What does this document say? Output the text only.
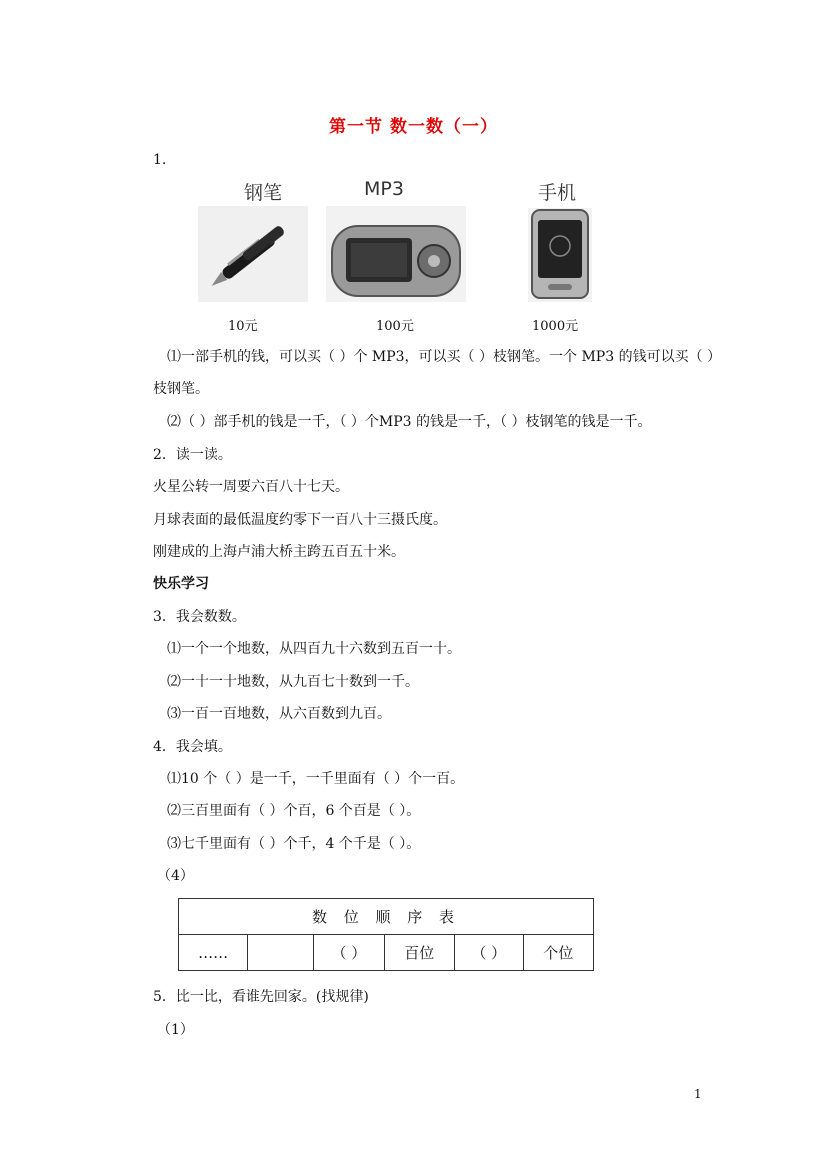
第一节 数一数（一）
1.
钢笔	MP3	手机
10元	100元	1000元
⑴一部手机的钱，可以买（ ）个 MP3，可以买（ ）枝钢笔。一个 MP3 的钱可以买（ ）
枝钢笔。
⑵（ ）部手机的钱是一千，（ ）个MP3 的钱是一千，（ ）枝钢笔的钱是一千。
2．读一读。
火星公转一周要六百八十七天。
月球表面的最低温度约零下一百八十三摄氏度。
刚建成的上海卢浦大桥主跨五百五十米。
快乐学习
3．我会数数。
⑴一个一个地数，从四百九十六数到五百一十。
⑵一十一十地数，从九百七十数到一千。
⑶一百一百地数，从六百数到九百。
4．我会填。
⑴10 个（ ）是一千，一千里面有（ ）个一百。
⑵三百里面有（ ）个百，6 个百是（ ）。
⑶七千里面有（ ）个千，4 个千是（ ）。
（4）
数 位 顺 序 表
……		（ ）	百位	（ ）	个位
5．比一比，看谁先回家。(找规律)
（1）
1
